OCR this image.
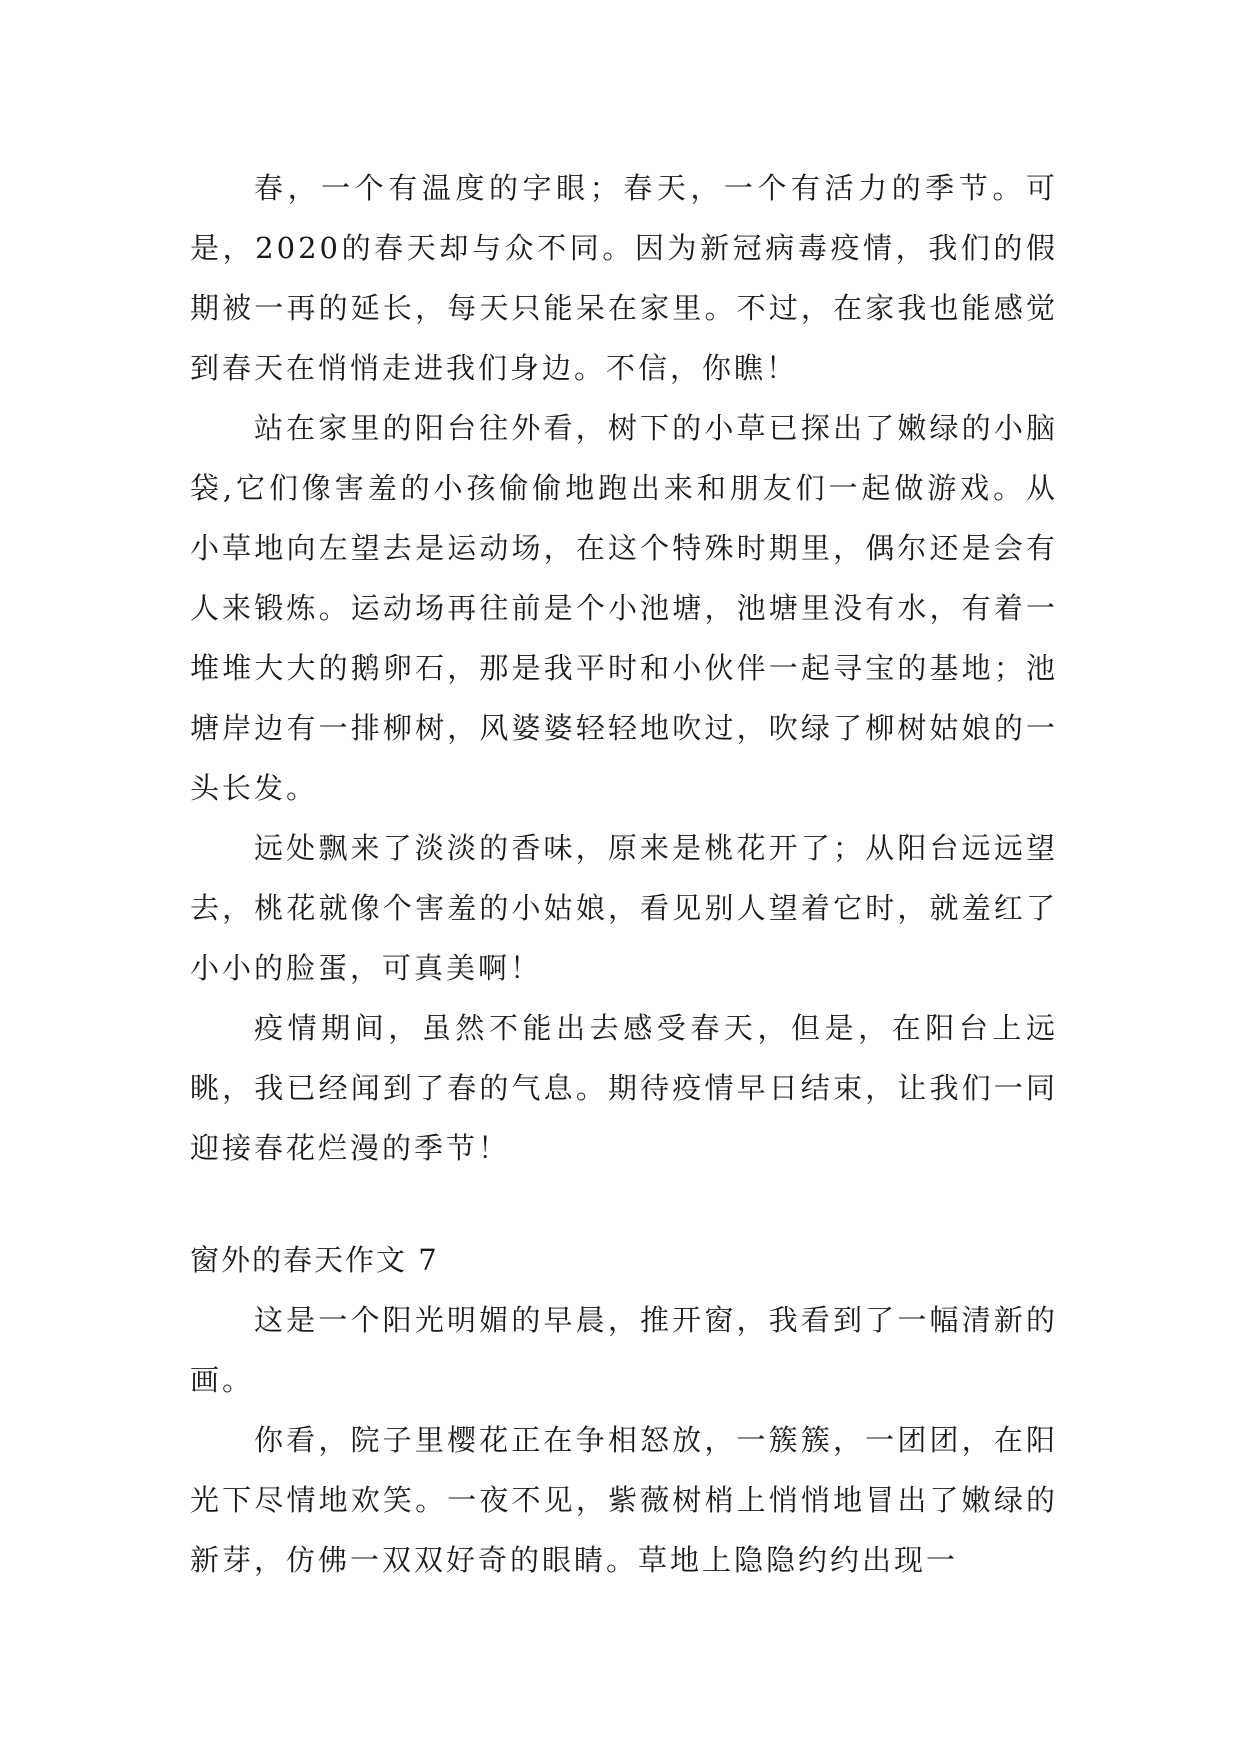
春，一个有温度的字眼；春天，一个有活力的季节。可是，2020的春天却与众不同。因为新冠病毒疫情，我们的假期被一再的延长，每天只能呆在家里。不过，在家我也能感觉到春天在悄悄走进我们身边。不信，你瞧！

站在家里的阳台往外看，树下的小草已探出了嫩绿的小脑袋,它们像害羞的小孩偷偷地跑出来和朋友们一起做游戏。从小草地向左望去是运动场，在这个特殊时期里，偶尔还是会有人来锻炼。运动场再往前是个小池塘，池塘里没有水，有着一堆堆大大的鹅卵石，那是我平时和小伙伴一起寻宝的基地；池塘岸边有一排柳树，风婆婆轻轻地吹过，吹绿了柳树姑娘的一头长发。

远处飘来了淡淡的香味，原来是桃花开了；从阳台远远望去，桃花就像个害羞的小姑娘，看见别人望着它时，就羞红了小小的脸蛋，可真美啊！

疫情期间，虽然不能出去感受春天，但是，在阳台上远眺，我已经闻到了春的气息。期待疫情早日结束，让我们一同迎接春花烂漫的季节！

窗外的春天作文 7

这是一个阳光明媚的早晨，推开窗，我看到了一幅清新的画。

你看，院子里樱花正在争相怒放，一簇簇，一团团，在阳光下尽情地欢笑。一夜不见，紫薇树梢上悄悄地冒出了嫩绿的新芽，仿佛一双双好奇的眼睛。草地上隐隐约约出现一
